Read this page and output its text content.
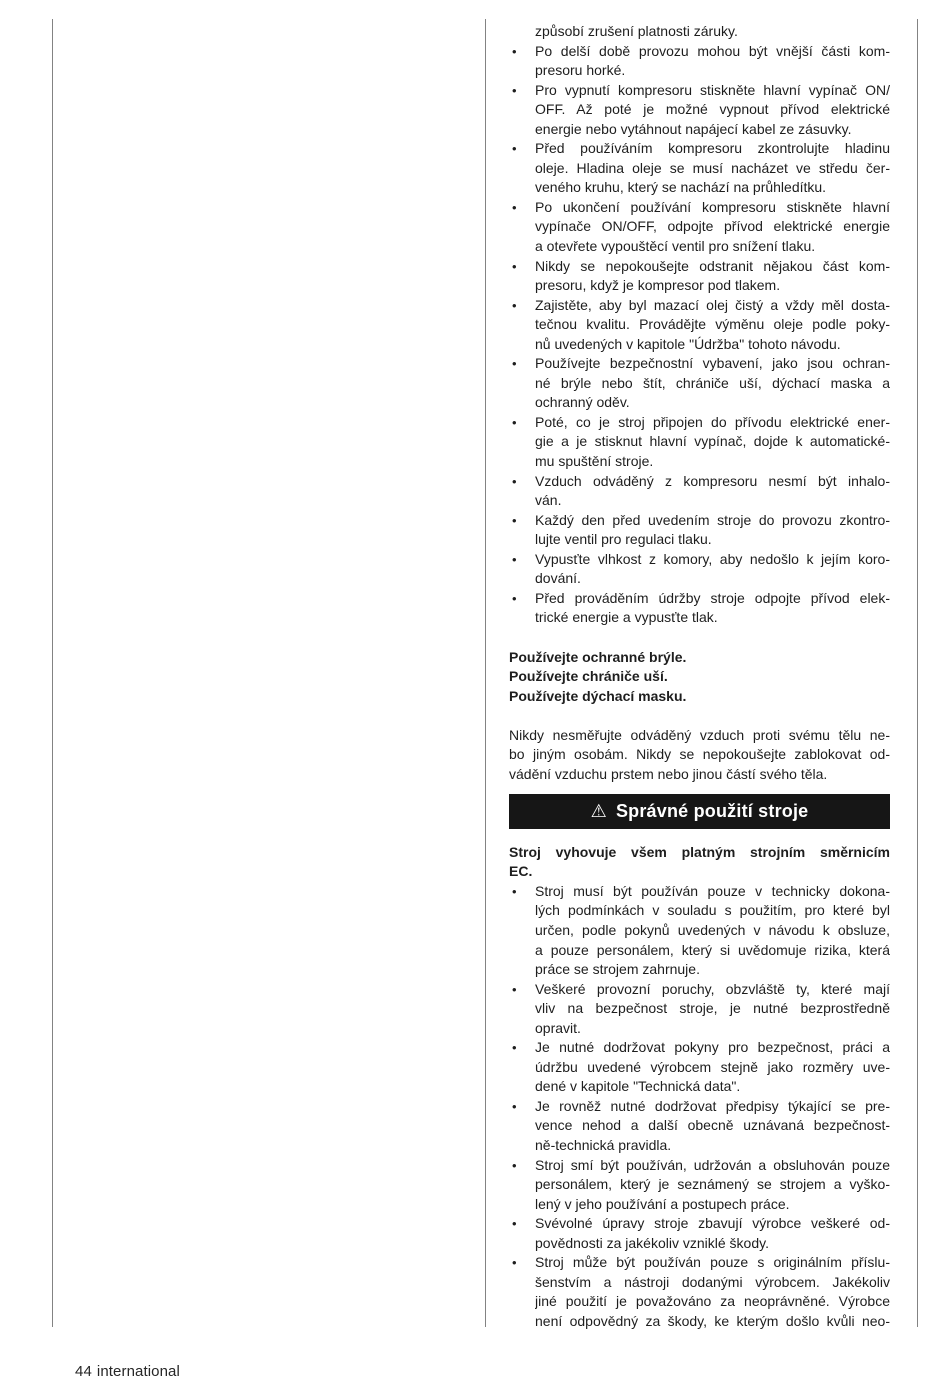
způsobí zrušení platnosti záruky.
•	Po delší době provozu mohou být vnější části kom-
presoru horké.
•	Pro vypnutí kompresoru stiskněte hlavní vypínač ON/
OFF. Až poté je možné vypnout přívod elektrické
energie nebo vytáhnout napájecí kabel ze zásuvky.
•	Před používáním kompresoru zkontrolujte hladinu
oleje. Hladina oleje se musí nacházet ve středu čer-
veného kruhu, který se nachází na průhledítku.
•	Po ukončení používání kompresoru stiskněte hlavní
vypínače ON/OFF, odpojte přívod elektrické energie
a otevřete vypouštěcí ventil pro snížení tlaku.
•	Nikdy se nepokoušejte odstranit nějakou část kom-
presoru, když je kompresor pod tlakem.
•	Zajistěte, aby byl mazací olej čistý a vždy měl dosta-
tečnou kvalitu. Provádějte výměnu oleje podle poky-
nů uvedených v kapitole "Údržba" tohoto návodu.
•	Používejte bezpečnostní vybavení, jako jsou ochran-
né brýle nebo štít, chrániče uší, dýchací maska a
ochranný oděv.
•	Poté, co je stroj připojen do přívodu elektrické ener-
gie a je stisknut hlavní vypínač, dojde k automatické-
mu spuštění stroje.
•	Vzduch odváděný z kompresoru nesmí být inhalo-
ván.
•	Každý den před uvedením stroje do provozu zkontro-
lujte ventil pro regulaci tlaku.
•	Vypusťte vlhkost z komory, aby nedošlo k jejím koro-
dování.
•	Před prováděním údržby stroje odpojte přívod elek-
trické energie a vypusťte tlak.
Používejte ochranné brýle.
Používejte chrániče uší.
Používejte dýchací masku.
Nikdy nesměřujte odváděný vzduch proti svému tělu ne-
bo jiným osobám. Nikdy se nepokoušejte zablokovat od-
vádění vzduchu prstem nebo jinou částí svého těla.
⚠ Správné použití stroje
Stroj vyhovuje všem platným strojním směrnicím
EC.
•	Stroj musí být používán pouze v technicky dokona-
lých podmínkách v souladu s použitím, pro které byl
určen, podle pokynů uvedených v návodu k obsluze,
a pouze personálem, který si uvědomuje rizika, která
práce se strojem zahrnuje.
•	Veškeré provozní poruchy, obzvláště ty, které mají
vliv na bezpečnost stroje, je nutné bezprostředně
opravit.
•	Je nutné dodržovat pokyny pro bezpečnost, práci a
údržbu uvedené výrobcem stejně jako rozměry uve-
dené v kapitole "Technická data".
•	Je rovněž nutné dodržovat předpisy týkající se pre-
vence nehod a další obecně uznávaná bezpečnost-
ně-technická pravidla.
•	Stroj smí být používán, udržován a obsluhován pouze
personálem, který je seznámený se strojem a vyško-
lený v jeho používání a postupech práce.
•	Svévolné úpravy stroje zbavují výrobce veškeré od-
povědnosti za jakékoliv vzniklé škody.
•	Stroj může být používán pouze s originálním příslu-
šenstvím a nástroji dodanými výrobcem. Jakékoliv
jiné použití je považováno za neoprávněné. Výrobce
není odpovědný za škody, ke kterým došlo kvůli neo-
44 international
